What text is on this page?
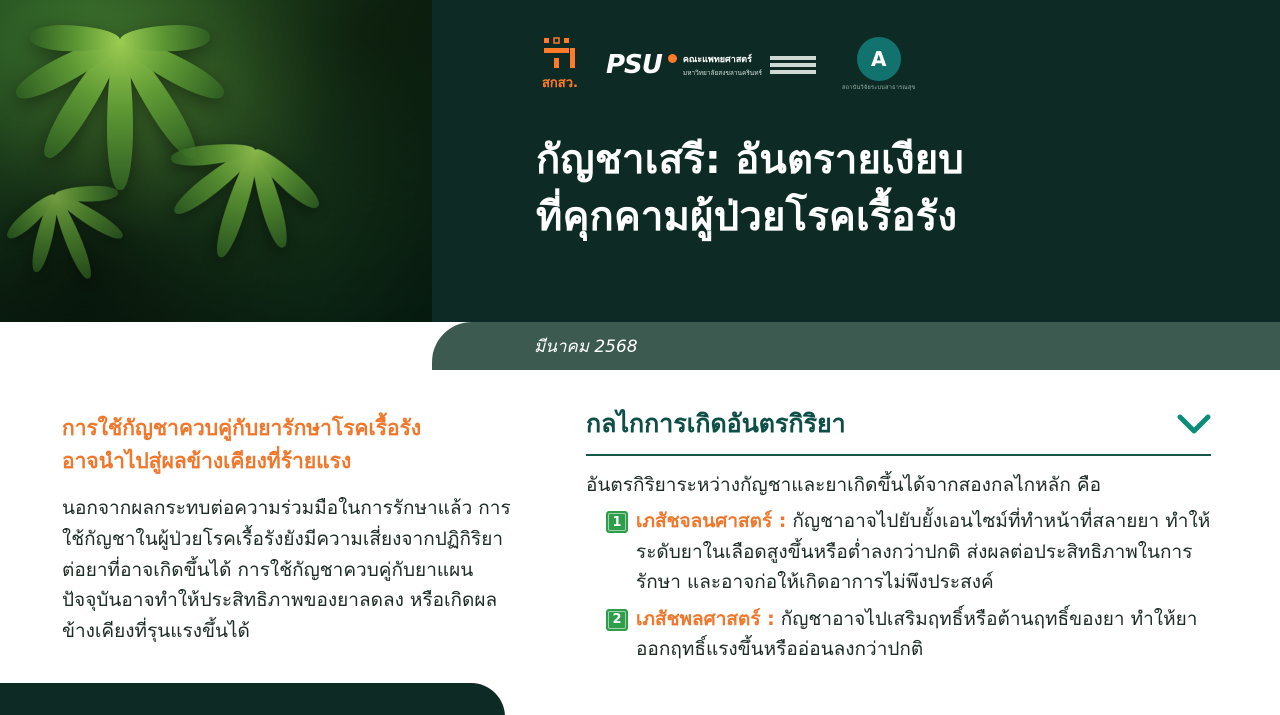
สกสว.
PSU คณะแพทยศาสตร์
มหาวิทยาลัยสงขลานครินทร์
A
สถาบันวิจัยระบบสาธารณสุข
กัญชาเสรี: อันตรายเงียบ
ที่คุกคามผู้ป่วยโรคเรื้อรัง
มีนาคม 2568
การใช้กัญชาควบคู่กับยารักษาโรคเรื้อรัง
อาจนำไปสู่ผลข้างเคียงที่ร้ายแรง

นอกจากผลกระทบต่อความร่วมมือในการรักษาแล้ว การใช้กัญชาในผู้ป่วยโรคเรื้อรังยังมีความเสี่ยงจากปฏิกิริยาต่อยาที่อาจเกิดขึ้นได้ การใช้กัญชาควบคู่กับยาแผนปัจจุบันอาจทำให้ประสิทธิภาพของยาลดลง หรือเกิดผลข้างเคียงที่รุนแรงขึ้นได้

กลไกการเกิดอันตรกิริยา

อันตรกิริยาระหว่างกัญชาและยาเกิดขึ้นได้จากสองกลไกหลัก คือ

1 เภสัชจลนศาสตร์ : กัญชาอาจไปยับยั้งเอนไซม์ที่ทำหน้าที่สลายยา ทำให้ระดับยาในเลือดสูงขึ้นหรือต่ำลงกว่าปกติ ส่งผลต่อประสิทธิภาพในการรักษา และอาจก่อให้เกิดอาการไม่พึงประสงค์

2 เภสัชพลศาสตร์ : กัญชาอาจไปเสริมฤทธิ์หรือต้านฤทธิ์ของยา ทำให้ยาออกฤทธิ์แรงขึ้นหรืออ่อนลงกว่าปกติ
